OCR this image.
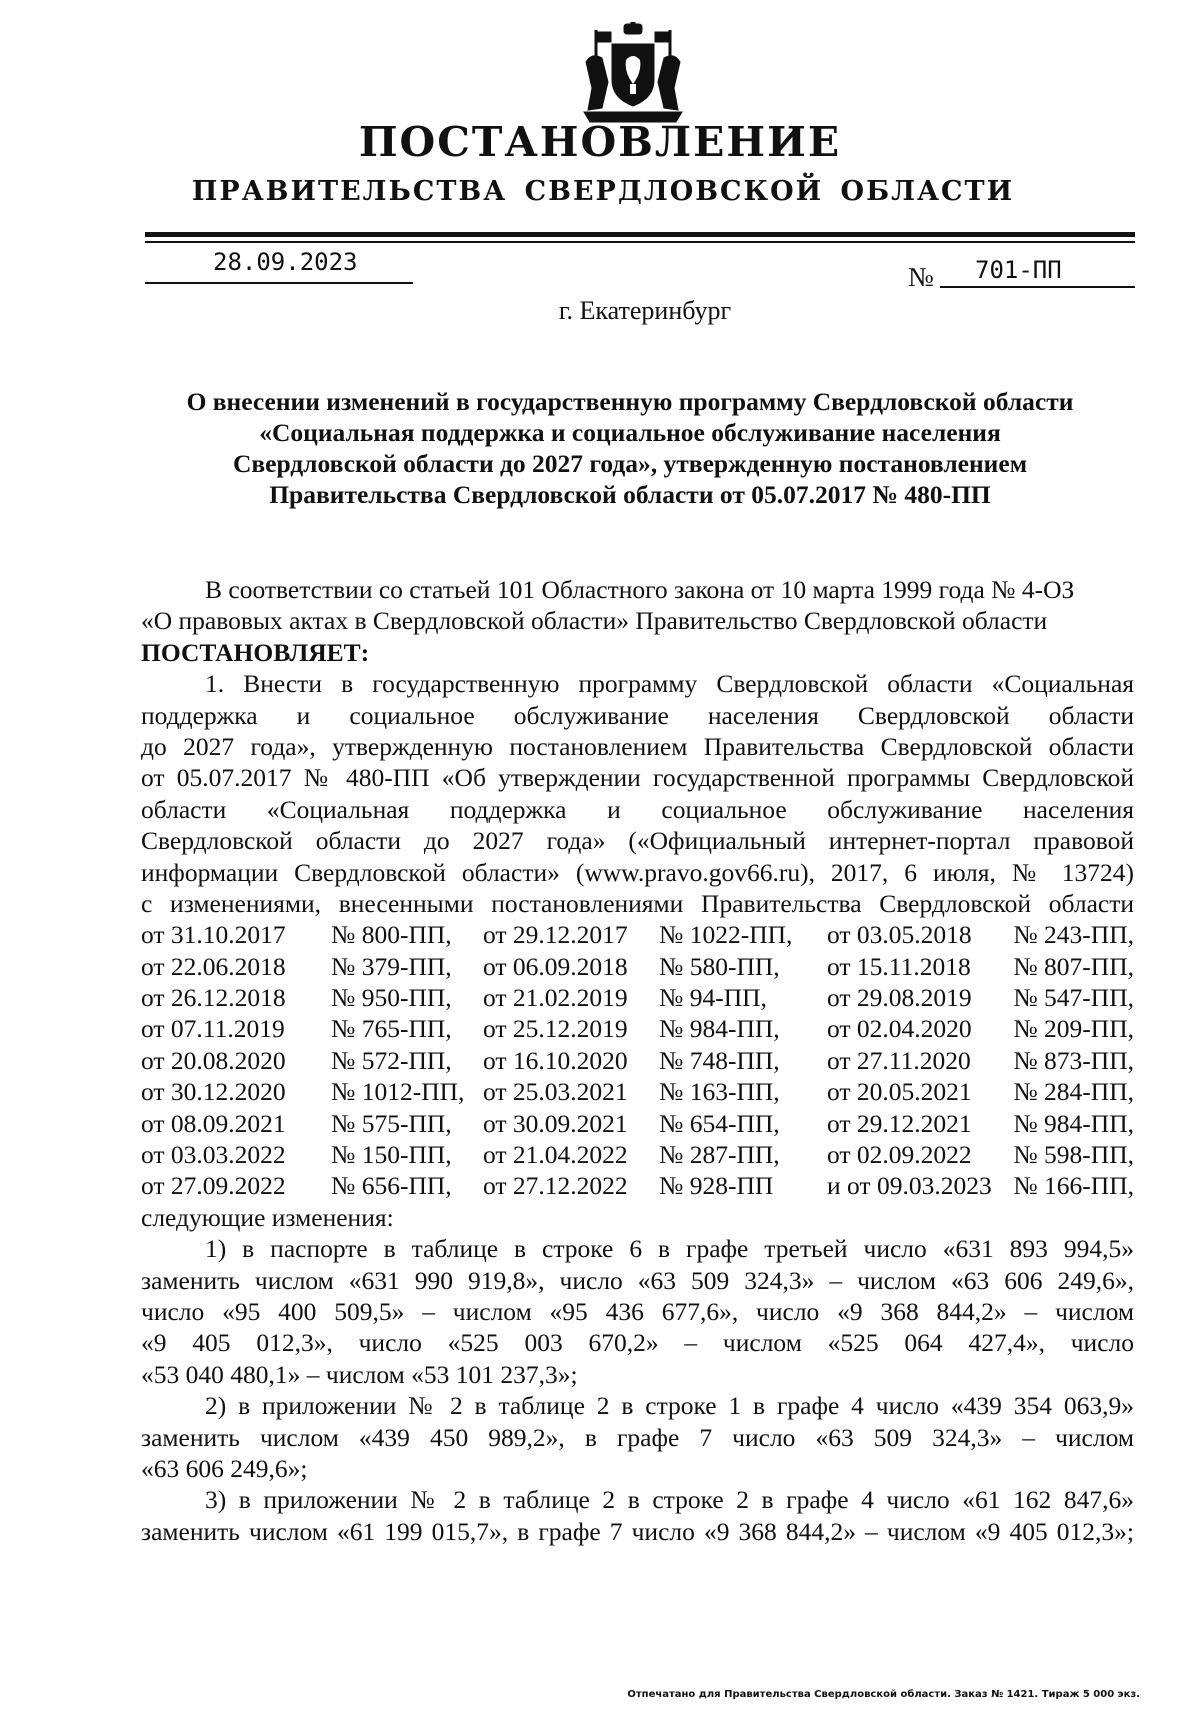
ПОСТАНОВЛЕНИЕ
ПРАВИТЕЛЬСТВА СВЕРДЛОВСКОЙ ОБЛАСТИ
28.09.2023	№ 701-ПП
г. Екатеринбург
О внесении изменений в государственную программу Свердловской области
«Социальная поддержка и социальное обслуживание населения
Свердловской области до 2027 года», утвержденную постановлением
Правительства Свердловской области от 05.07.2017 № 480-ПП
В соответствии со статьей 101 Областного закона от 10 марта 1999 года № 4-ОЗ
«О правовых актах в Свердловской области» Правительство Свердловской области
ПОСТАНОВЛЯЕТ:
1. Внести в государственную программу Свердловской области «Социальная
поддержка и социальное обслуживание населения Свердловской области
до 2027 года», утвержденную постановлением Правительства Свердловской области
от 05.07.2017 № 480-ПП «Об утверждении государственной программы Свердловской
области «Социальная поддержка и социальное обслуживание населения
Свердловской области до 2027 года» («Официальный интернет-портал правовой
информации Свердловской области» (www.pravo.gov66.ru), 2017, 6 июля, № 13724)
с изменениями, внесенными постановлениями Правительства Свердловской области
от 31.10.2017	№ 800-ПП,	от 29.12.2017	№ 1022-ПП,	от 03.05.2018	№ 243-ПП,
от 22.06.2018	№ 379-ПП,	от 06.09.2018	№ 580-ПП,	от 15.11.2018	№ 807-ПП,
от 26.12.2018	№ 950-ПП,	от 21.02.2019	№ 94-ПП,	от 29.08.2019	№ 547-ПП,
от 07.11.2019	№ 765-ПП,	от 25.12.2019	№ 984-ПП,	от 02.04.2020	№ 209-ПП,
от 20.08.2020	№ 572-ПП,	от 16.10.2020	№ 748-ПП,	от 27.11.2020	№ 873-ПП,
от 30.12.2020	№ 1012-ПП, от 25.03.2021	№ 163-ПП,	от 20.05.2021	№ 284-ПП,
от 08.09.2021	№ 575-ПП,	от 30.09.2021	№ 654-ПП,	от 29.12.2021	№ 984-ПП,
от 03.03.2022	№ 150-ПП,	от 21.04.2022	№ 287-ПП,	от 02.09.2022	№ 598-ПП,
от 27.09.2022	№ 656-ПП,	от 27.12.2022	№ 928-ПП	и от 09.03.2023 № 166-ПП,
следующие изменения:
1) в паспорте в таблице в строке 6 в графе третьей число «631 893 994,5»
заменить числом «631 990 919,8», число «63 509 324,3» – числом «63 606 249,6»,
число «95 400 509,5» – числом «95 436 677,6», число «9 368 844,2» – числом
«9 405 012,3», число «525 003 670,2» – числом «525 064 427,4», число
«53 040 480,1» – числом «53 101 237,3»;
2) в приложении № 2 в таблице 2 в строке 1 в графе 4 число «439 354 063,9»
заменить числом «439 450 989,2», в графе 7 число «63 509 324,3» – числом
«63 606 249,6»;
3) в приложении № 2 в таблице 2 в строке 2 в графе 4 число «61 162 847,6»
заменить числом «61 199 015,7», в графе 7 число «9 368 844,2» – числом «9 405 012,3»;
Отпечатано для Правительства Свердловской области. Заказ № 1421. Тираж 5 000 экз.
